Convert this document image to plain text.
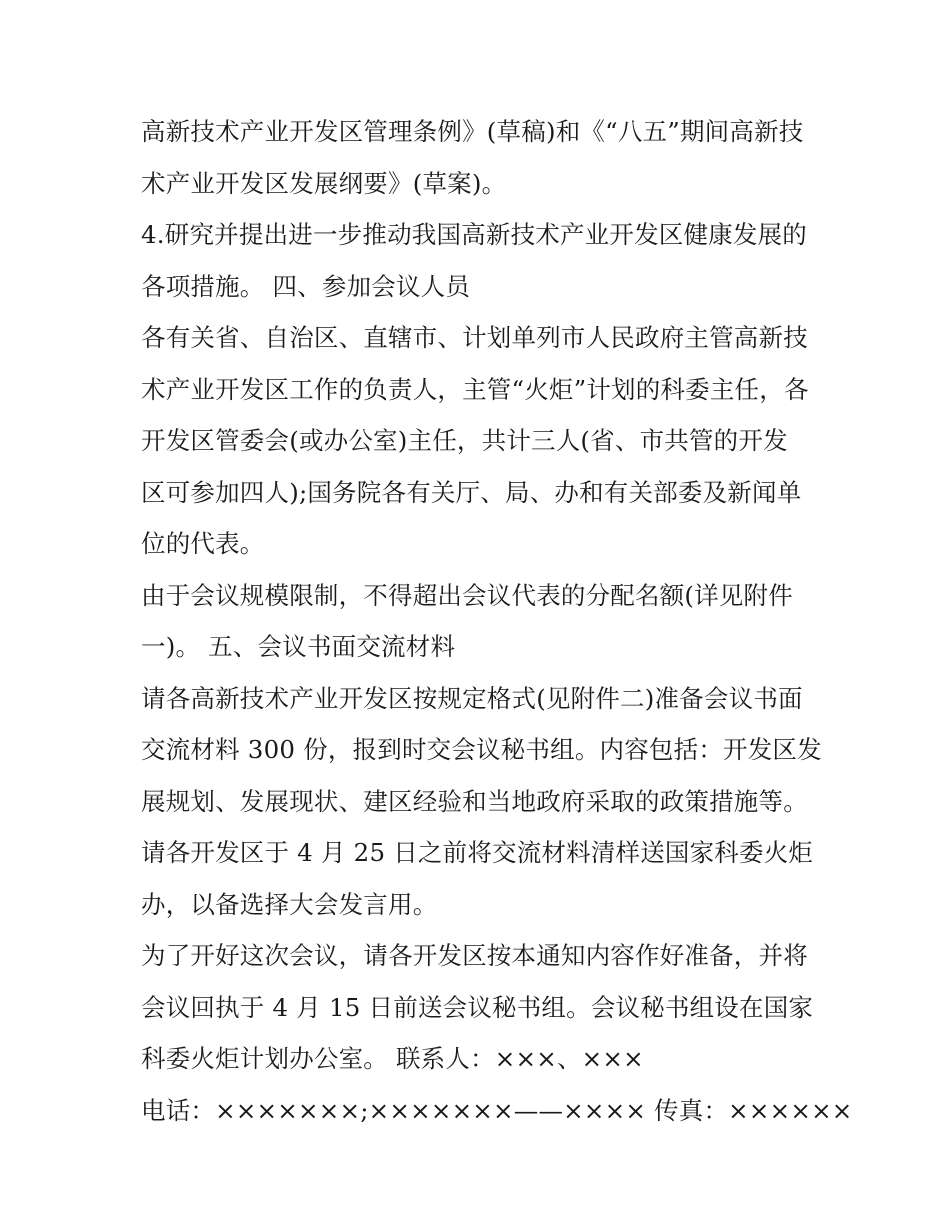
高新技术产业开发区管理条例》(草稿)和《“八五”期间高新技
术产业开发区发展纲要》(草案)。
4.研究并提出进一步推动我国高新技术产业开发区健康发展的
各项措施。 四、参加会议人员
各有关省、自治区、直辖市、计划单列市人民政府主管高新技
术产业开发区工作的负责人，主管“火炬”计划的科委主任，各
开发区管委会(或办公室)主任，共计三人(省、市共管的开发
区可参加四人);国务院各有关厅、局、办和有关部委及新闻单
位的代表。
由于会议规模限制，不得超出会议代表的分配名额(详见附件
一)。 五、会议书面交流材料
请各高新技术产业开发区按规定格式(见附件二)准备会议书面
交流材料 300 份，报到时交会议秘书组。内容包括：开发区发
展规划、发展现状、建区经验和当地政府采取的政策措施等。
请各开发区于 4 月 25 日之前将交流材料清样送国家科委火炬
办，以备选择大会发言用。
为了开好这次会议，请各开发区按本通知内容作好准备，并将
会议回执于 4 月 15 日前送会议秘书组。会议秘书组设在国家
科委火炬计划办公室。 联系人：×××、×××
电话：×××××××;×××××××——×××× 传真：××××××
